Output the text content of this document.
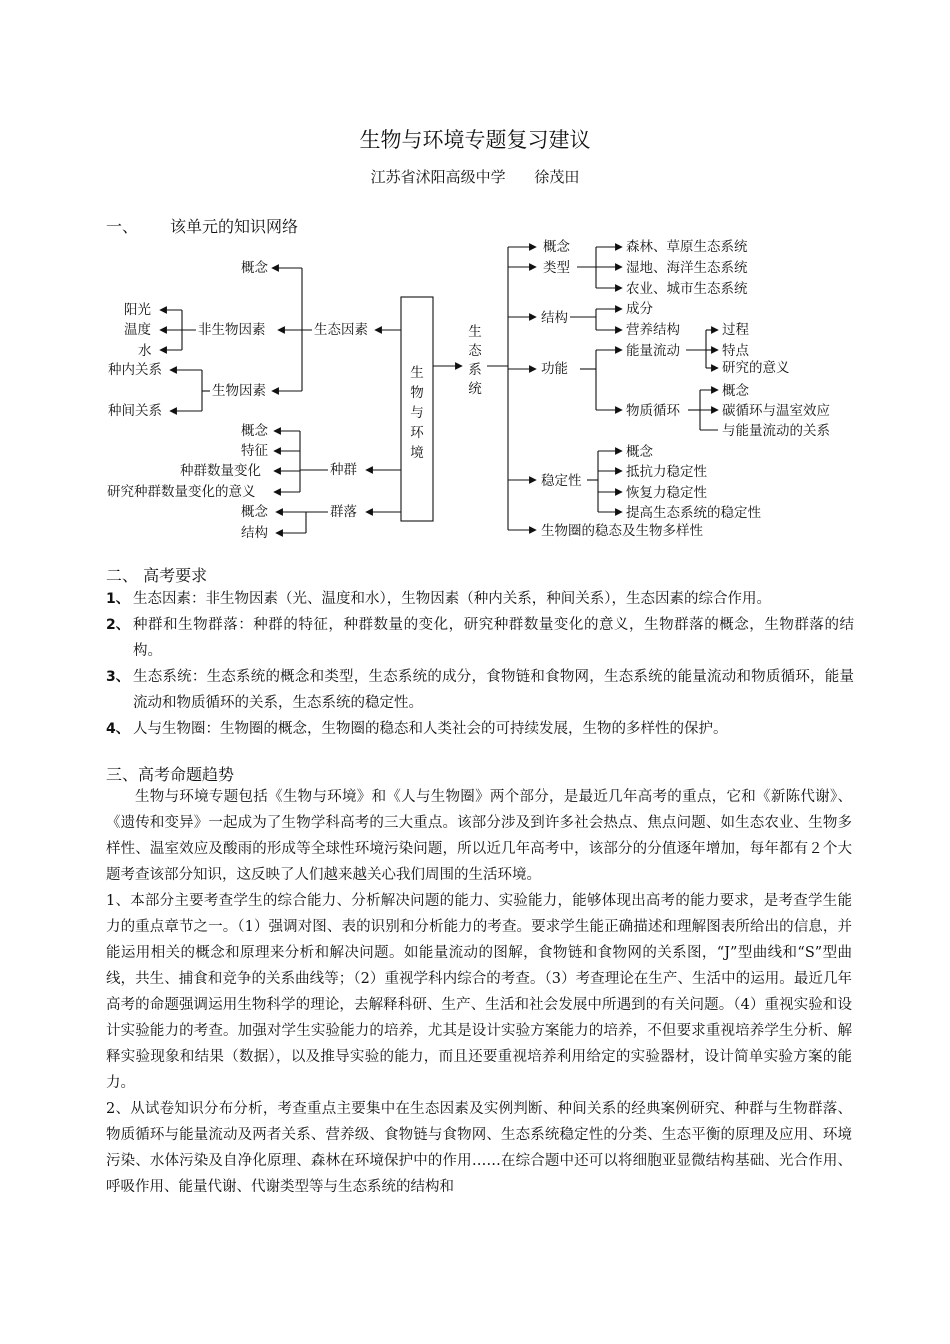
生物与环境专题复习建议
江苏省沭阳高级中学 徐茂田
一、 该单元的知识网络
生
物
与
环
境
生态因素
概念
非生物因素
阳光
温度
水
生物因素
种内关系
种间关系
种群
概念
特征
种群数量变化
研究种群数量变化的意义
群落
概念
结构
生
态
系
统
概念
类型
森林、草原生态系统
湿地、海洋生态系统
农业、城市生态系统
结构
成分
营养结构
功能
能量流动
过程
特点
研究的意义
物质循环
概念
碳循环与温室效应
与能量流动的关系
稳定性
概念
抵抗力稳定性
恢复力稳定性
提高生态系统的稳定性
生物圈的稳态及生物多样性
二、 高考要求
1、 生态因素：非生物因素（光、温度和水），生物因素（种内关系，种间关系），生态因素的综合作用。
2、 种群和生物群落：种群的特征，种群数量的变化，研究种群数量变化的意义，生物群落的概念，生物群落的结构。
3、 生态系统：生态系统的概念和类型，生态系统的成分，食物链和食物网，生态系统的能量流动和物质循环，能量流动和物质循环的关系，生态系统的稳定性。
4、 人与生物圈：生物圈的概念，生物圈的稳态和人类社会的可持续发展，生物的多样性的保护。
三、高考命题趋势

生物与环境专题包括《生物与环境》和《人与生物圈》两个部分，是最近几年高考的重点，它和《新陈代谢》、《遗传和变异》一起成为了生物学科高考的三大重点。该部分涉及到许多社会热点、焦点问题、如生态农业、生物多样性、温室效应及酸雨的形成等全球性环境污染问题，所以近几年高考中，该部分的分值逐年增加，每年都有２个大题考查该部分知识，这反映了人们越来越关心我们周围的生活环境。

1、本部分主要考查学生的综合能力、分析解决问题的能力、实验能力，能够体现出高考的能力要求，是考查学生能力的重点章节之一。（1）强调对图、表的识别和分析能力的考查。要求学生能正确描述和理解图表所给出的信息，并能运用相关的概念和原理来分析和解决问题。如能量流动的图解，食物链和食物网的关系图，“J”型曲线和“S”型曲线，共生、捕食和竞争的关系曲线等；（2）重视学科内综合的考查。（3）考查理论在生产、生活中的运用。最近几年高考的命题强调运用生物科学的理论，去解释科研、生产、生活和社会发展中所遇到的有关问题。（4）重视实验和设计实验能力的考查。加强对学生实验能力的培养，尤其是设计实验方案能力的培养，不但要求重视培养学生分析、解释实验现象和结果（数据），以及推导实验的能力，而且还要重视培养利用给定的实验器材，设计简单实验方案的能力。

2、从试卷知识分布分析，考查重点主要集中在生态因素及实例判断、种间关系的经典案例研究、种群与生物群落、物质循环与能量流动及两者关系、营养级、食物链与食物网、生态系统稳定性的分类、生态平衡的原理及应用、环境污染、水体污染及自净化原理、森林在环境保护中的作用……在综合题中还可以将细胞亚显微结构基础、光合作用、呼吸作用、能量代谢、代谢类型等与生态系统的结构和
